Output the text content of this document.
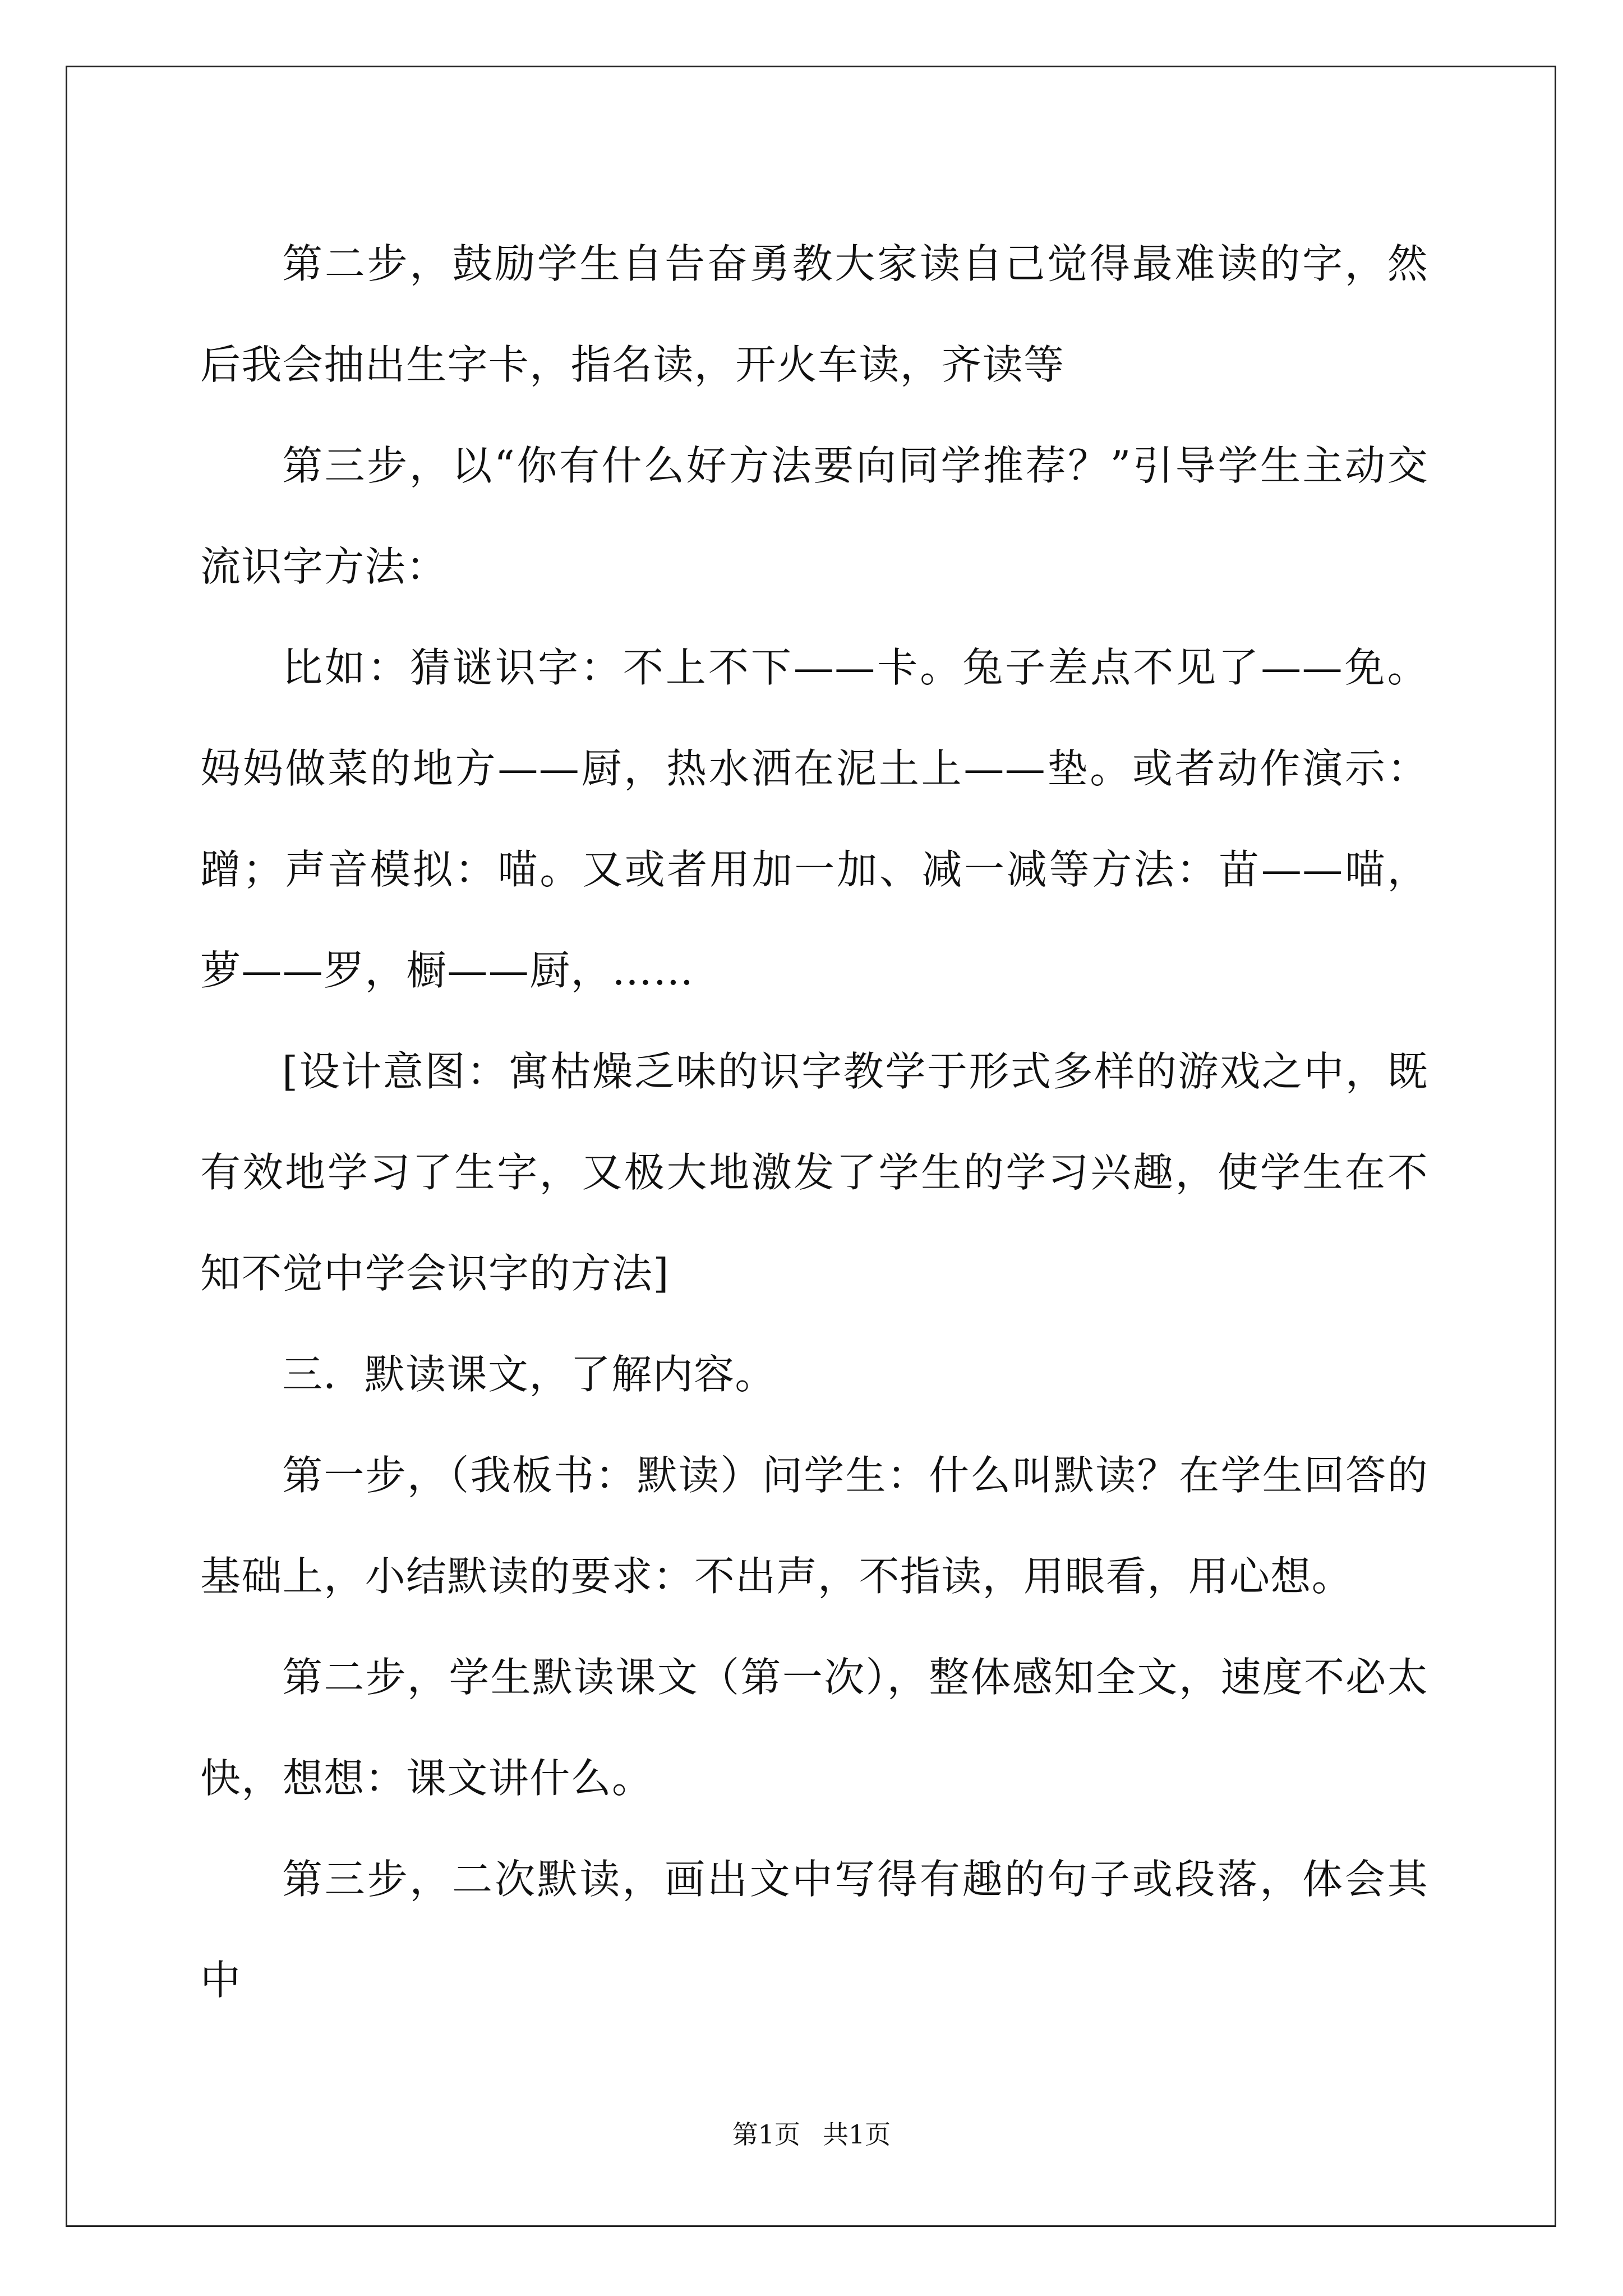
第二步，鼓励学生自告奋勇教大家读自己觉得最难读的字，然后我会抽出生字卡，指名读，开火车读，齐读等

第三步，以“你有什么好方法要向同学推荐？”引导学生主动交流识字方法：

比如：猜谜识字：不上不下——卡。兔子差点不见了——免。妈妈做菜的地方——厨，热水洒在泥土上——垫。或者动作演示：蹭；声音模拟：喵。又或者用加一加、减一减等方法：苗——喵，萝——罗，橱——厨，……

[设计意图：寓枯燥乏味的识字教学于形式多样的游戏之中，既有效地学习了生字，又极大地激发了学生的学习兴趣，使学生在不知不觉中学会识字的方法]

三．默读课文，了解内容。

第一步，（我板书：默读）问学生：什么叫默读？在学生回答的基础上，小结默读的要求：不出声，不指读，用眼看，用心想。

第二步，学生默读课文（第一次），整体感知全文，速度不必太快，想想：课文讲什么。

第三步，二次默读，画出文中写得有趣的句子或段落，体会其中

第1页 共1页
